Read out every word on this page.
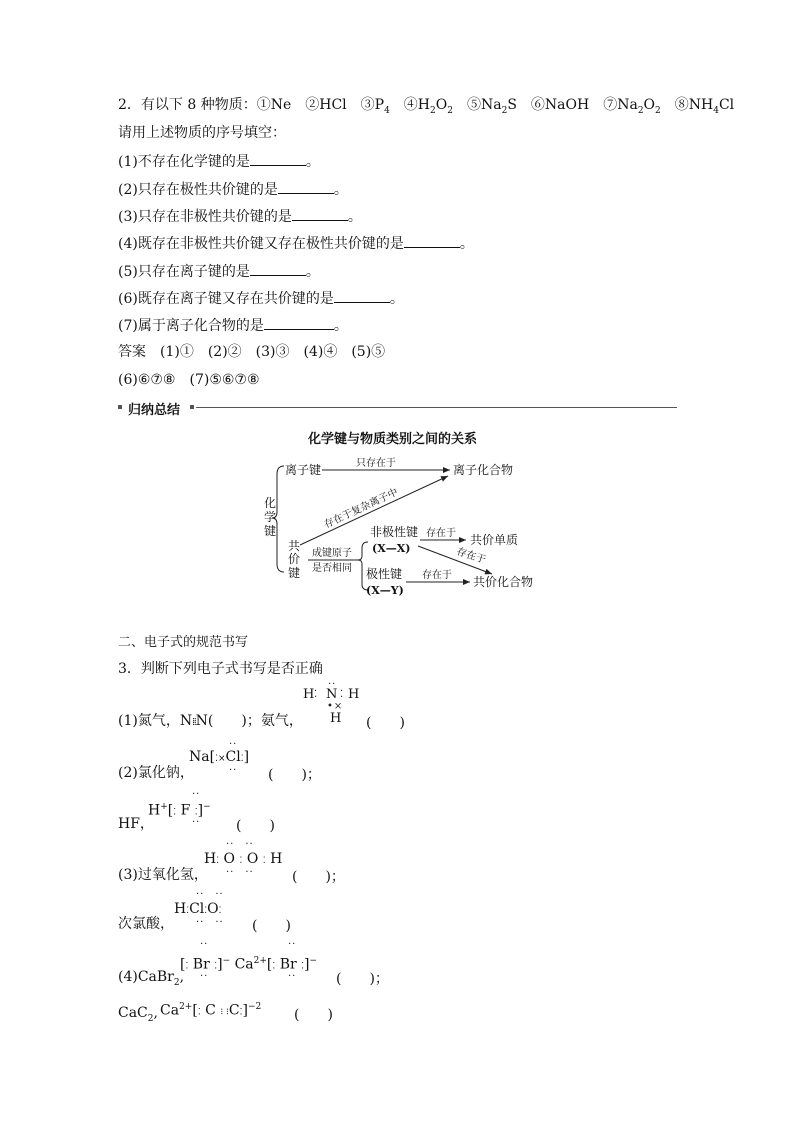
2．有以下 8 种物质：①Ne　②HCl　$③P_4$　$④H_2O_2$　$⑤Na_2S$　⑥NaOH　$⑦Na_2O_2$　$⑧NH_4Cl$
请用上述物质的序号填空：
(1)不存在化学键的是	。
(2)只存在极性共价键的是	。
(3)只存在非极性共价键的是	。
(4)既存在非极性共价键又存在极性共价键的是	。
(5)只存在离子键的是	。
(6)既存在离子键又存在共价键的是	。
(7)属于离子化合物的是	。
答案　(1)①　(2)②　(3)③　(4)④　(5)⑤
(6)⑥⑦⑧　(7)⑤⑥⑦⑧
归纳总结
化学键与物质类别之间的关系
化
学
键
离子键	只存在于	离子化合物
存在于复杂离子中
共
价
键
成键原子
是否相同
非极性键
(X—X)
存在于 共价单质
存在于
极性键
(X—Y)
存在于 共价化合物
二、电子式的规范书写
3．判断下列电子式书写是否正确
(1)氮气，N⁞⁞N(　　)；氨气，
H ⁚ N ⁚ H
··
•×
H (　　)
··
Na[⁚×Cl⁚]
··
(2)氯化钠，	(　　)；
··
H+[⁚ F ⁚]−
··
HF，	(　　)
··　··
H⁚ O ⁚ O ⁚ H
··　··
(3)过氧化氢，	(　　)；
··　··
H⁚Cl⁚O⁚
··　··
次氯酸，	(　　)
··	··
[⁚ Br ⁚]− $Ca^{2+}[⁚$ Br ⁚]−
··	··
(4)CaBr$_2$,	(　　)；
$Ca^{2+}[⁚$ C ⁝ ⁝C⁚]$^{-2}$
CaC$_2$,	(　　)
